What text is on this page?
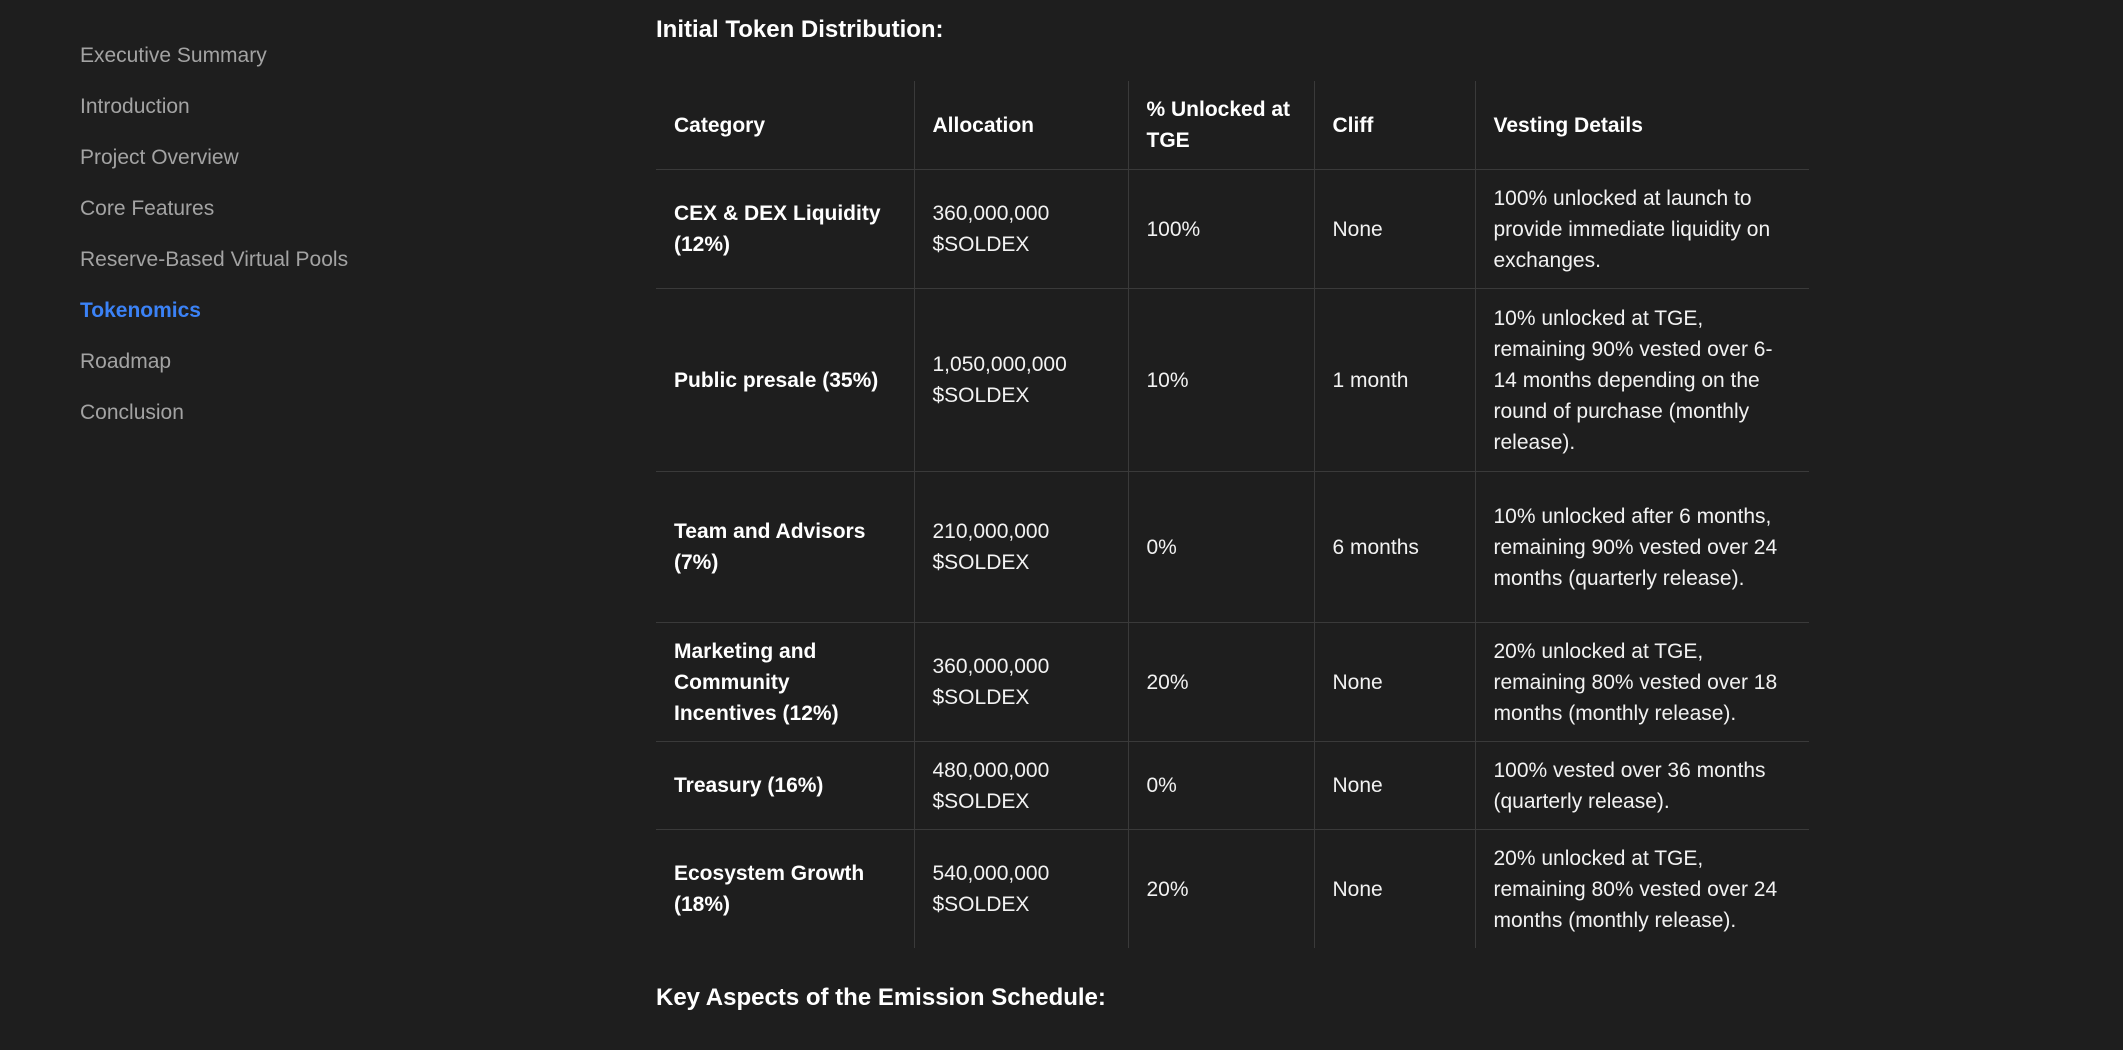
Executive Summary
Introduction
Project Overview
Core Features
Reserve-Based Virtual Pools
Tokenomics
Roadmap
Conclusion
Initial Token Distribution:
Category	Allocation	% Unlocked at TGE	Cliff	Vesting Details
CEX & DEX Liquidity (12%)	360,000,000 $SOLDEX	100%	None	100% unlocked at launch to provide immediate liquidity on exchanges.
Public presale (35%)	1,050,000,000 $SOLDEX	10%	1 month	10% unlocked at TGE, remaining 90% vested over 6-14 months depending on the round of purchase (monthly release).
Team and Advisors (7%)	210,000,000 $SOLDEX	0%	6 months	10% unlocked after 6 months, remaining 90% vested over 24 months (quarterly release).
Marketing and Community Incentives (12%)	360,000,000 $SOLDEX	20%	None	20% unlocked at TGE, remaining 80% vested over 18 months (monthly release).
Treasury (16%)	480,000,000 $SOLDEX	0%	None	100% vested over 36 months (quarterly release).
Ecosystem Growth (18%)	540,000,000 $SOLDEX	20%	None	20% unlocked at TGE, remaining 80% vested over 24 months (monthly release).
Key Aspects of the Emission Schedule:
